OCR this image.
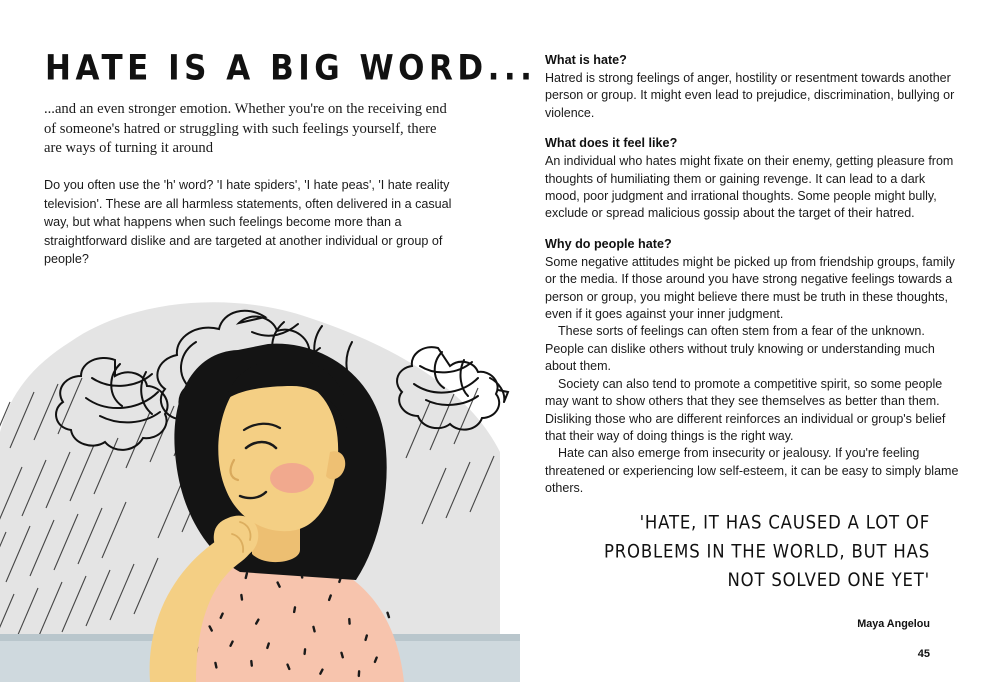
HATE IS A BIG WORD...
...and an even stronger emotion. Whether you're on the receiving end of someone's hatred or struggling with such feelings yourself, there are ways of turning it around
Do you often use the 'h' word? 'I hate spiders', 'I hate peas', 'I hate reality television'. These are all harmless statements, often delivered in a casual way, but what happens when such feelings become more than a straightforward dislike and are targeted at another individual or group of people?
What is hate?

Hatred is strong feelings of anger, hostility or resentment towards another person or group. It might even lead to prejudice, discrimination, bullying or violence.

What does it feel like?

An individual who hates might fixate on their enemy, getting pleasure from thoughts of humiliating them or gaining revenge. It can lead to a dark mood, poor judgment and irrational thoughts. Some people might bully, exclude or spread malicious gossip about the target of their hatred.

Why do people hate?

Some negative attitudes might be picked up from friendship groups, family or the media. If those around you have strong negative feelings towards a person or group, you might believe there must be truth in these thoughts, even if it goes against your inner judgment.

These sorts of feelings can often stem from a fear of the unknown. People can dislike others without truly knowing or understanding much about them.

Society can also tend to promote a competitive spirit, so some people may want to show others that they see themselves as better than them. Disliking those who are different reinforces an individual or group's belief that their way of doing things is the right way.

Hate can also emerge from insecurity or jealousy. If you're feeling threatened or experiencing low self-esteem, it can be easy to simply blame others.

'HATE, IT HAS CAUSED A LOT OF PROBLEMS IN THE WORLD, BUT HAS NOT SOLVED ONE YET'
Maya Angelou
45
